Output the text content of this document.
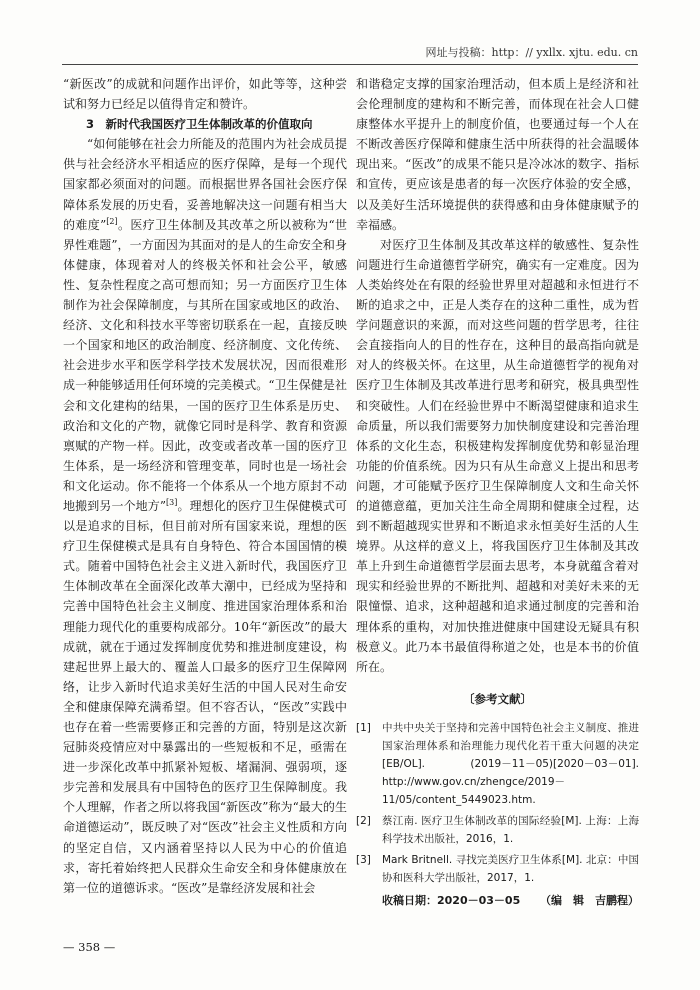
网址与投稿：http：// yxllx. xjtu. edu. cn

“新医改”的成就和问题作出评价，如此等等，这种尝试和努力已经足以值得肯定和赞许。

3　新时代我国医疗卫生体制改革的价值取向

“如何能够在社会力所能及的范围内为社会成员提供与社会经济水平相适应的医疗保障，是每一个现代国家都必须面对的问题。而根据世界各国社会医疗保障体系发展的历史看，妥善地解决这一问题有相当大的难度”[2]。医疗卫生体制及其改革之所以被称为“世界性难题”，一方面因为其面对的是人的生命安全和身体健康，体现着对人的终极关怀和社会公平，敏感性、复杂性程度之高可想而知；另一方面医疗卫生体制作为社会保障制度，与其所在国家或地区的政治、经济、文化和科技水平等密切联系在一起，直接反映一个国家和地区的政治制度、经济制度、文化传统、社会进步水平和医学科学技术发展状况，因而很难形成一种能够适用任何环境的完美模式。“卫生保健是社会和文化建构的结果，一国的医疗卫生体系是历史、政治和文化的产物，就像它同时是科学、教育和资源禀赋的产物一样。因此，改变或者改革一国的医疗卫生体系，是一场经济和管理变革，同时也是一场社会和文化运动。你不能将一个体系从一个地方原封不动地搬到另一个地方”[3]。理想化的医疗卫生保健模式可以是追求的目标，但目前对所有国家来说，理想的医疗卫生保健模式是具有自身特色、符合本国国情的模式。随着中国特色社会主义进入新时代，我国医疗卫生体制改革在全面深化改革大潮中，已经成为坚持和完善中国特色社会主义制度、推进国家治理体系和治理能力现代化的重要构成部分。10年“新医改”的最大成就，就在于通过发挥制度优势和推进制度建设，构建起世界上最大的、覆盖人口最多的医疗卫生保障网络，让步入新时代追求美好生活的中国人民对生命安全和健康保障充满希望。但不容否认，“医改”实践中也存在着一些需要修正和完善的方面，特别是这次新冠肺炎疫情应对中暴露出的一些短板和不足，亟需在进一步深化改革中抓紧补短板、堵漏洞、强弱项，逐步完善和发展具有中国特色的医疗卫生保障制度。我个人理解，作者之所以将我国“新医改”称为“最大的生命道德运动”，既反映了对“医改”社会主义性质和方向的坚定自信，又内涵着坚持以人民为中心的价值追求，寄托着始终把人民群众生命安全和身体健康放在第一位的道德诉求。“医改”是靠经济发展和社会

和谐稳定支撑的国家治理活动，但本质上是经济和社会伦理制度的建构和不断完善，而体现在社会人口健康整体水平提升上的制度价值，也要通过每一个人在不断改善医疗保障和健康生活中所获得的社会温暖体现出来。“医改”的成果不能只是冷冰冰的数字、指标和宣传，更应该是患者的每一次医疗体验的安全感，以及美好生活环境提供的获得感和由身体健康赋予的幸福感。

对医疗卫生体制及其改革这样的敏感性、复杂性问题进行生命道德哲学研究，确实有一定难度。因为人类始终处在有限的经验世界里对超越和永恒进行不断的追求之中，正是人类存在的这种二重性，成为哲学问题意识的来源，而对这些问题的哲学思考，往往会直接指向人的目的性存在，这种目的最高指向就是对人的终极关怀。在这里，从生命道德哲学的视角对医疗卫生体制及其改革进行思考和研究，极具典型性和突破性。人们在经验世界中不断渴望健康和追求生命质量，所以我们需要努力加快制度建设和完善治理体系的文化生态，积极建构发挥制度优势和彰显治理功能的价值系统。因为只有从生命意义上提出和思考问题，才可能赋予医疗卫生保障制度人文和生命关怀的道德意蕴，更加关注生命全周期和健康全过程，达到不断超越现实世界和不断追求永恒美好生活的人生境界。从这样的意义上，将我国医疗卫生体制及其改革上升到生命道德哲学层面去思考，本身就蕴含着对现实和经验世界的不断批判、超越和对美好未来的无限憧憬、追求，这种超越和追求通过制度的完善和治理体系的重构，对加快推进健康中国建设无疑具有积极意义。此乃本书最值得称道之处，也是本书的价值所在。

〔参考文献〕
[1]	中共中央关于坚持和完善中国特色社会主义制度、推进国家治理体系和治理能力现代化若干重大问题的决定[EB/OL]. (2019－11－05)[2020－03－01]. http://www.gov.cn/zhengce/2019－11/05/content_5449023.htm.
[2]	蔡江南. 医疗卫生体制改革的国际经验[M]. 上海：上海科学技术出版社，2016，1.
[3]	Mark Britnell. 寻找完美医疗卫生体系[M]. 北京：中国协和医科大学出版社，2017，1.
收稿日期：2020－03－05 （编　辑　吉鹏程）
— 358 —
